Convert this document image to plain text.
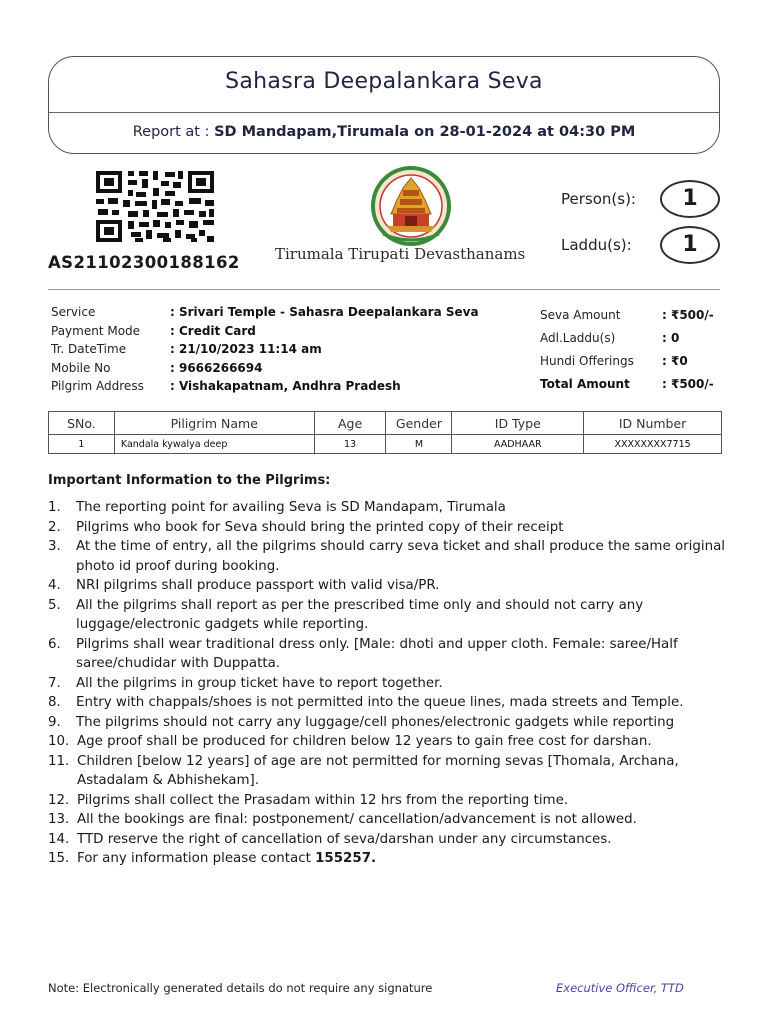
Sahasra Deepalankara Seva
Report at : SD Mandapam,Tirumala on 28-01-2024 at 04:30 PM
AS21102300188162 Tirumala Tirupati Devasthanams
Person(s):	1
Laddu(s):	1
Service	: Srivari Temple - Sahasra Deepalankara Seva
Payment Mode : Credit Card
Tr. DateTime	: 21/10/2023 11:14 am
Mobile No	: 9666266694
Pilgrim Address : Vishakapatnam, Andhra Pradesh
Seva Amount	: ₹500/-
Adl.Laddu(s)	: 0
Hundi Offerings : ₹0
Total Amount	: ₹500/-
SNo.	Piligrim Name	Age	Gender	ID Type	ID Number
1	Kandala kywalya deep	13	M	AADHAAR	XXXXXXXX7715
Important Information to the Pilgrims:
1. The reporting point for availing Seva is SD Mandapam, Tirumala
2. Pilgrims who book for Seva should bring the printed copy of their receipt
3. At the time of entry, all the pilgrims should carry seva ticket and shall produce the same original photo id proof during booking.
4. NRI pilgrims shall produce passport with valid visa/PR.
5. All the pilgrims shall report as per the prescribed time only and should not carry any luggage/electronic gadgets while reporting.
6. Pilgrims shall wear traditional dress only. [Male: dhoti and upper cloth. Female: saree/Half saree/chudidar with Duppatta.
7. All the pilgrims in group ticket have to report together.
8. Entry with chappals/shoes is not permitted into the queue lines, mada streets and Temple.
9. The pilgrims should not carry any luggage/cell phones/electronic gadgets while reporting
10. Age proof shall be produced for children below 12 years to gain free cost for darshan.
11. Children [below 12 years] of age are not permitted for morning sevas [Thomala, Archana, Astadalam & Abhishekam].
12. Pilgrims shall collect the Prasadam within 12 hrs from the reporting time.
13. All the bookings are final: postponement/ cancellation/advancement is not allowed.
14. TTD reserve the right of cancellation of seva/darshan under any circumstances.
15. For any information please contact 155257.
Note: Electronically generated details do not require any signature	Executive Officer, TTD
